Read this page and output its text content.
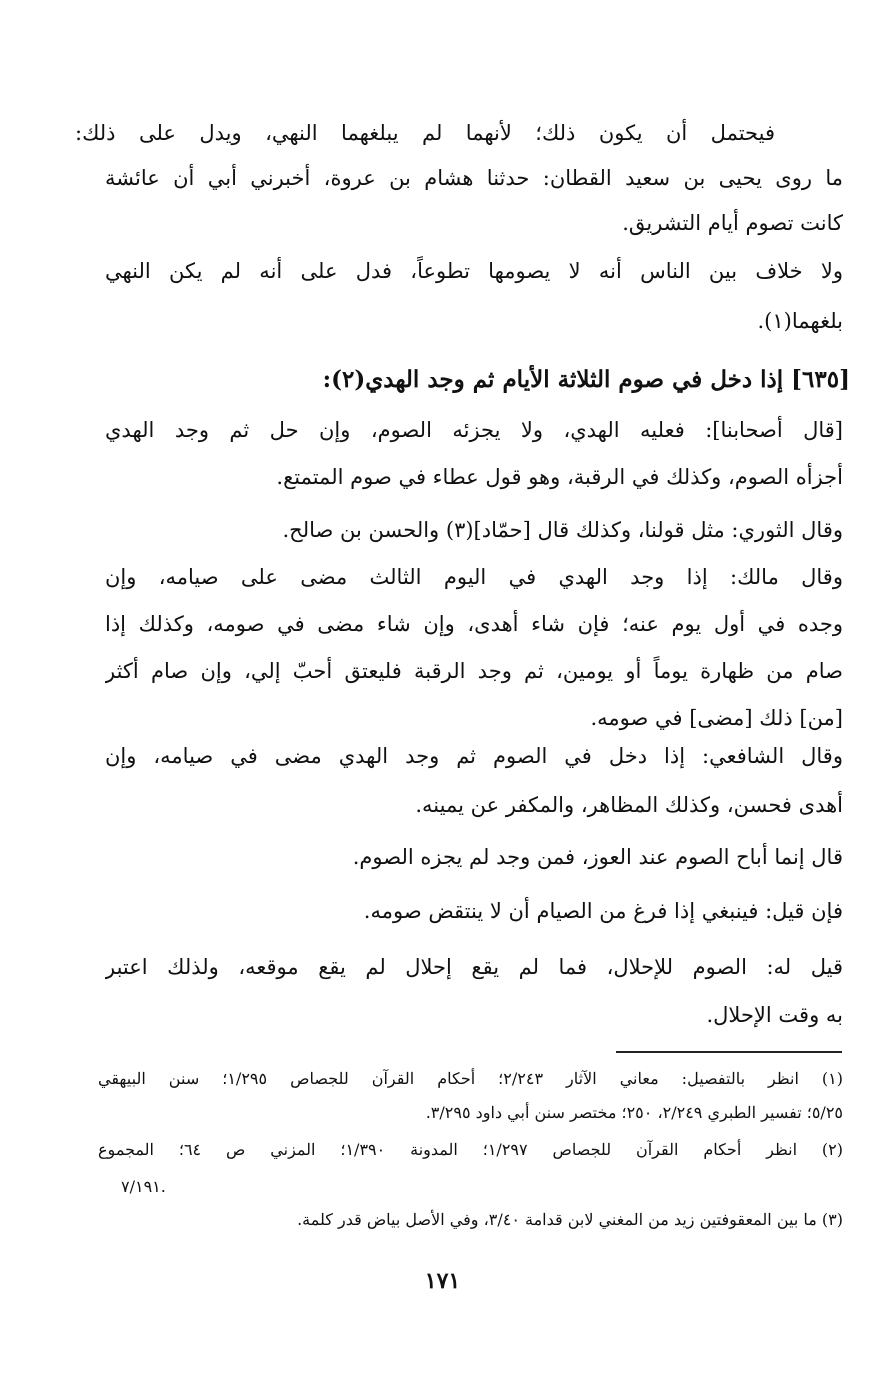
فيحتمل أن يكون ذلك؛ لأنهما لم يبلغهما النهي، ويدل على ذلك:
ما روى يحيى بن سعيد القطان: حدثنا هشام بن عروة، أخبرني أبي أن عائشة
كانت تصوم أيام التشريق.
ولا خلاف بين الناس أنه لا يصومها تطوعاً، فدل على أنه لم يكن النهي
بلغهما(١).
[٦٣٥] إذا دخل في صوم الثلاثة الأيام ثم وجد الهدي(٢):
[قال أصحابنا]: فعليه الهدي، ولا يجزئه الصوم، وإن حل ثم وجد الهدي
أجزأه الصوم، وكذلك في الرقبة، وهو قول عطاء في صوم المتمتع.
وقال الثوري: مثل قولنا، وكذلك قال [حمّاد](٣) والحسن بن صالح.
وقال مالك: إذا وجد الهدي في اليوم الثالث مضى على صيامه، وإن
وجده في أول يوم عنه؛ فإن شاء أهدى، وإن شاء مضى في صومه، وكذلك إذا
صام من ظهارة يوماً أو يومين، ثم وجد الرقبة فليعتق أحبّ إلي، وإن صام أكثر
[من] ذلك [مضى] في صومه.
وقال الشافعي: إذا دخل في الصوم ثم وجد الهدي مضى في صيامه، وإن
أهدى فحسن، وكذلك المظاهر، والمكفر عن يمينه.
قال إنما أباح الصوم عند العوز، فمن وجد لم يجزه الصوم.
فإن قيل: فينبغي إذا فرغ من الصيام أن لا ينتقض صومه.
قيل له: الصوم للإحلال، فما لم يقع إحلال لم يقع موقعه، ولذلك اعتبر
به وقت الإحلال.
(١) انظر بالتفصيل: معاني الآثار ٢/٢٤٣؛ أحكام القرآن للجصاص ١/٢٩٥؛ سنن البيهقي
٥/٢٥؛ تفسير الطبري ٢/٢٤٩، ٢٥٠؛ مختصر سنن أبي داود ٣/٢٩٥.
(٢) انظر أحكام القرآن للجصاص ١/٢٩٧؛ المدونة ١/٣٩٠؛ المزني ص ٦٤؛ المجموع
٧/١٩١.
(٣) ما بين المعقوفتين زيد من المغني لابن قدامة ٣/٤٠، وفي الأصل بياض قدر كلمة.
١٧١
